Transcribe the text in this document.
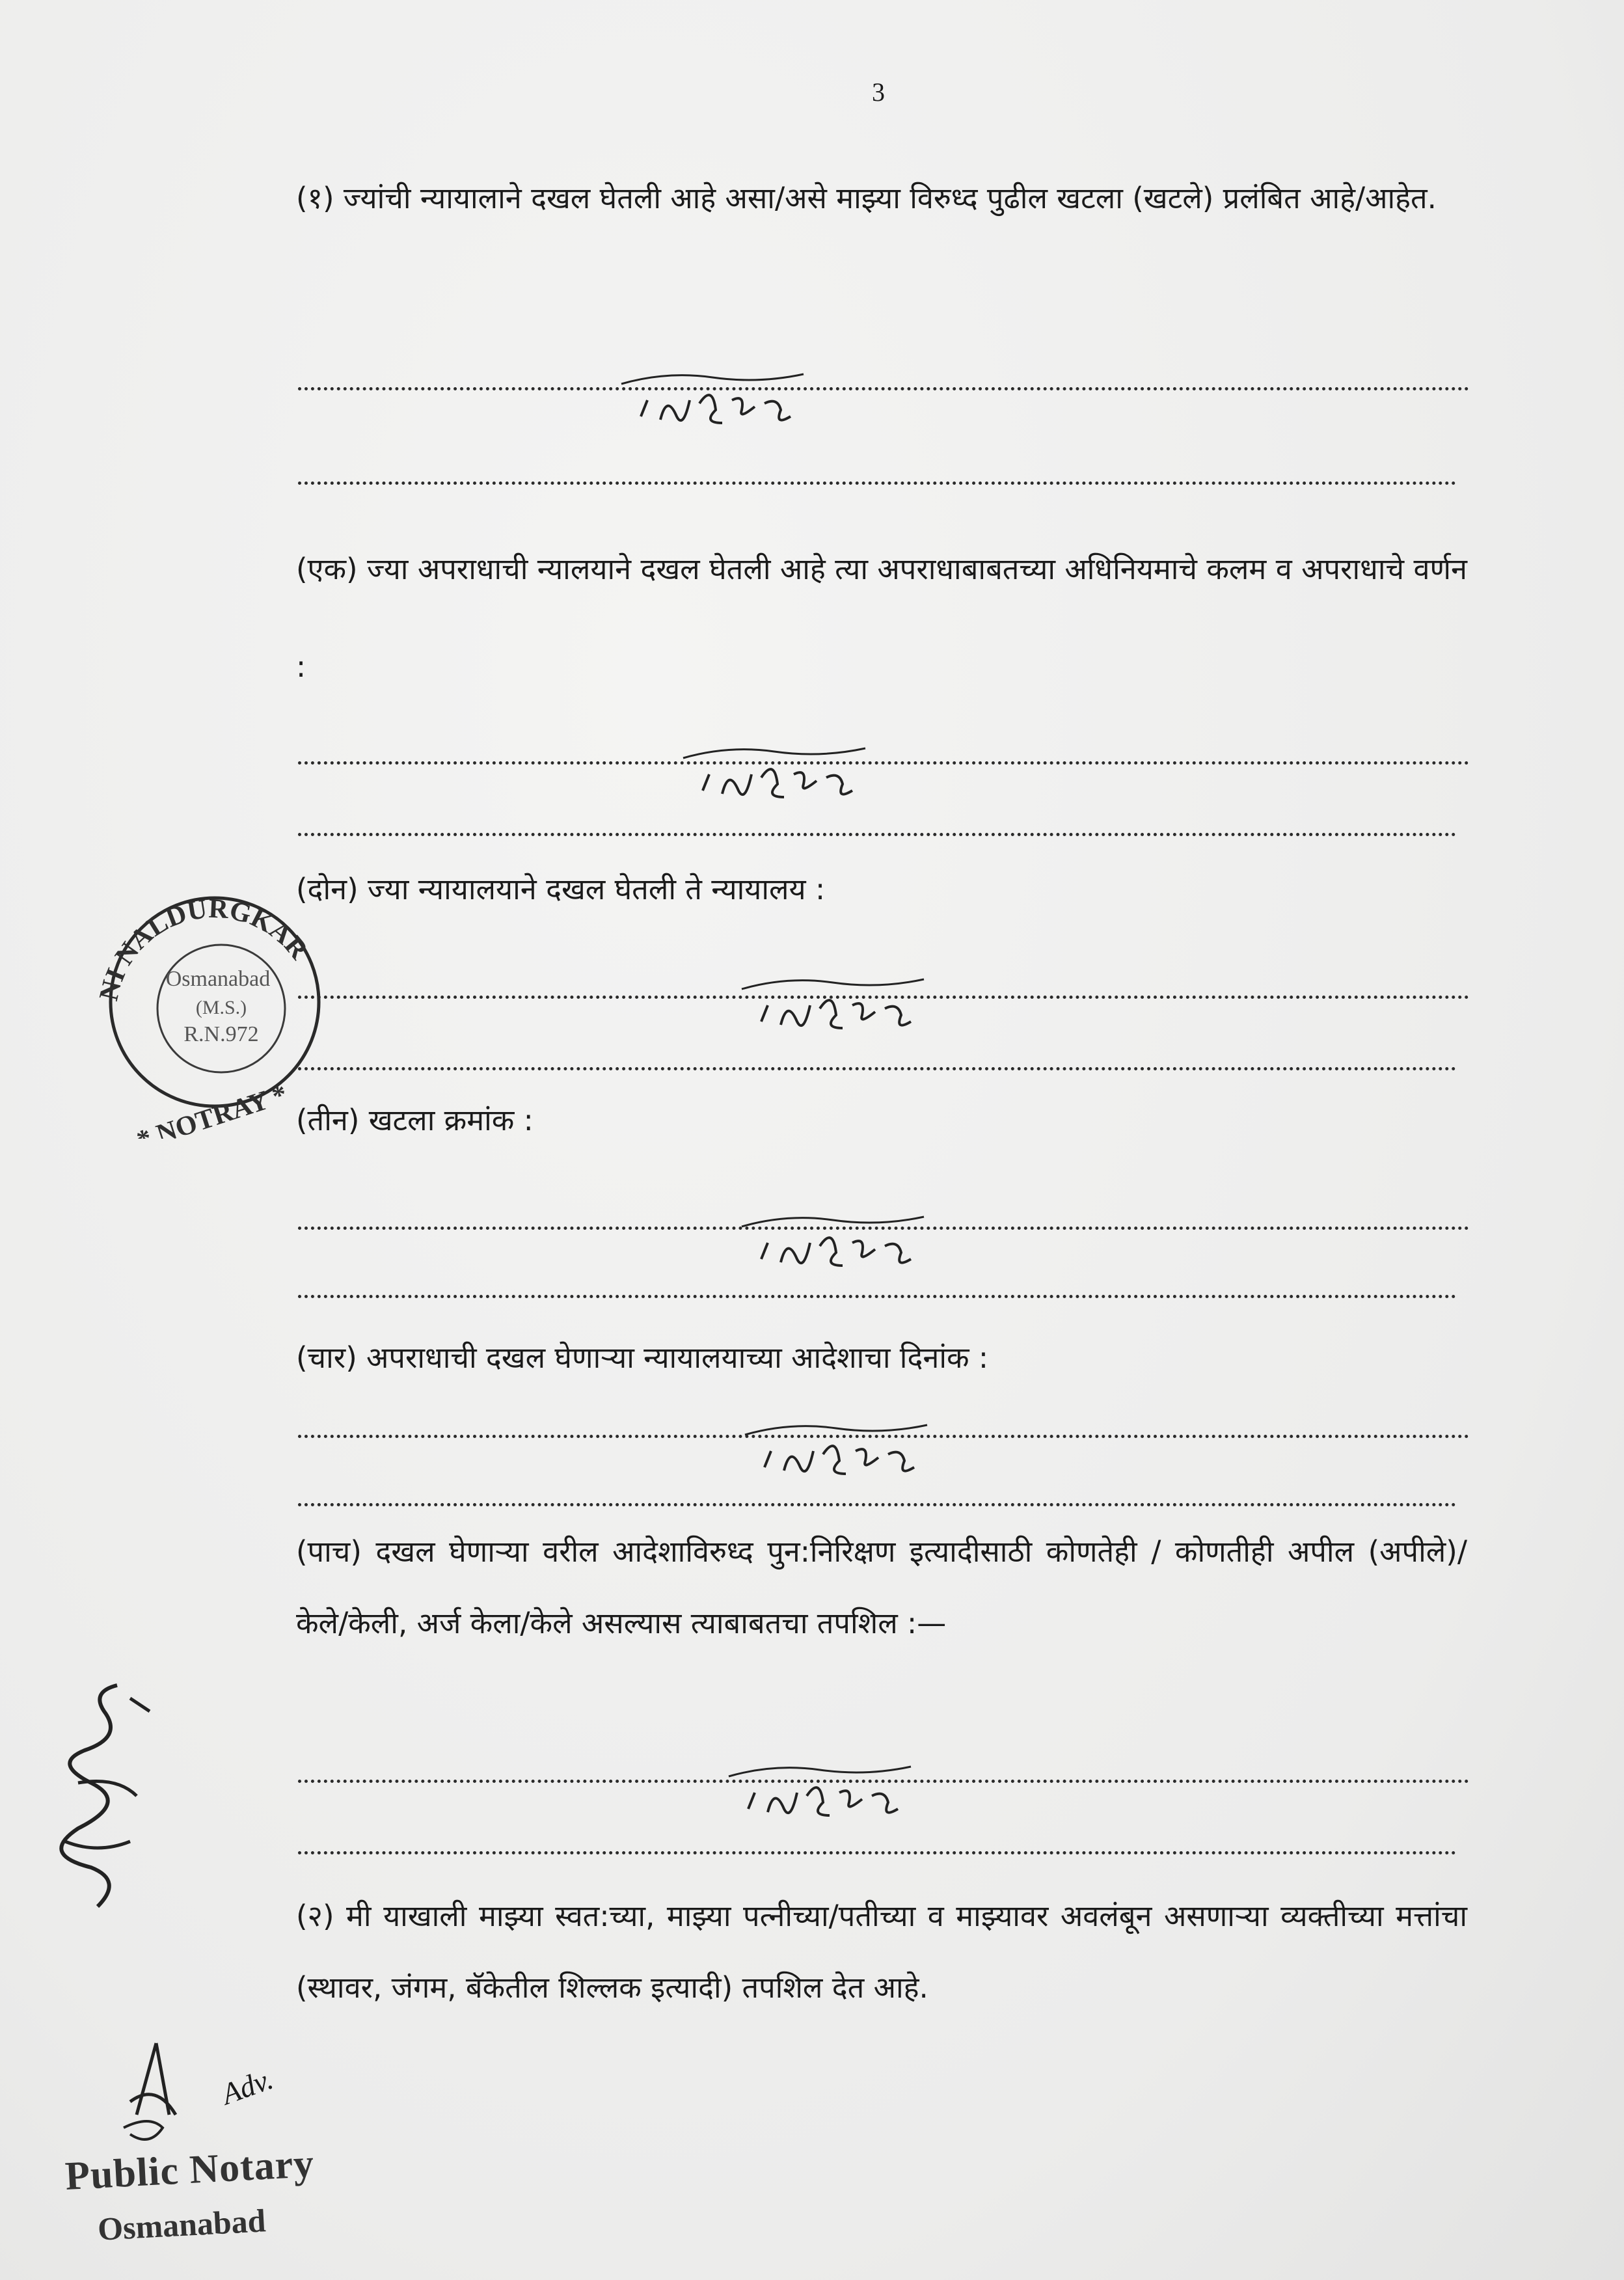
3
(१) ज्यांची न्यायालाने दखल घेतली आहे असा/असे माझ्या विरुध्द पुढील खटला (खटले) प्रलंबित आहे/आहेत.
(एक) ज्या अपराधाची न्यालयाने दखल घेतली आहे त्या अपराधाबाबतच्या अधिनियमाचे कलम व अपराधाचे वर्णन :
(दोन) ज्या न्यायालयाने दखल घेतली ते न्यायालय :
(तीन) खटला क्रमांक :
(चार) अपराधाची दखल घेणाऱ्या न्यायालयाच्या आदेशाचा दिनांक :
(पाच) दखल घेणाऱ्या वरील आदेशाविरुध्द पुन:निरिक्षण इत्यादीसाठी कोणतेही / कोणतीही अपील (अपीले)/केले/केली, अर्ज केला/केले असल्यास त्याबाबतचा तपशिल :—
(२) मी याखाली माझ्या स्वत:च्या, माझ्या पत्नीच्या/पतीच्या व माझ्यावर अवलंबून असणाऱ्या व्यक्तीच्या मत्तांचा (स्थावर, जंगम, बॅकेतील शिल्लक इत्यादी) तपशिल देत आहे.
NI NALDURGKAR
Osmanabad
(M.S.)
R.N.972
* NOTRAY *
Adv.
Public Notary
Osmanabad
